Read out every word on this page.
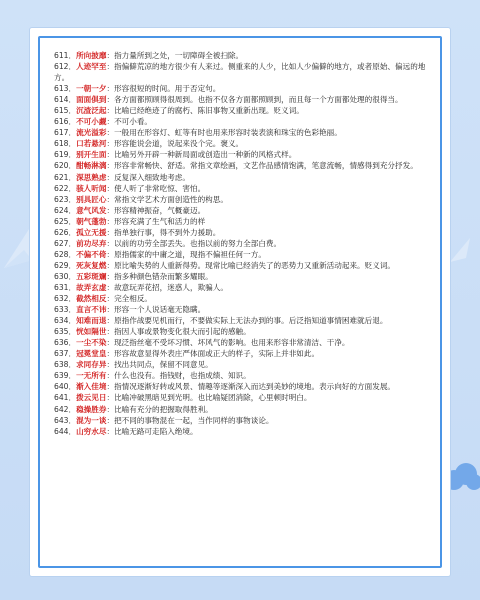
611．所向披靡：指力量所到之处，一切障碍全被扫除。

612．人迹罕至：指偏僻荒凉的地方很少有人来过。侧重来的人少，比如人少偏僻的地方，或者原始、偏远的地方。

613．一朝一夕：形容很短的时间。用于否定句。

614．面面俱到：各方面都照顾得很周到。也指不仅各方面都照顾到，而且每一个方面都处理的很得当。

615．沉渣泛起：比喻已经绝迹了的腐朽、陈旧事物又重新出现。贬义词。

616．不可小觑：不可小看。

617．流光溢彩：一般用在形容灯、虹等有时也用来形容时装表演和珠宝的色彩艳丽。

618．口若悬河：形容能说会道，说起来没个完。褒义。

619．别开生面：比喻另外开辟一种新局面或创造出一种新的风格式样。

620．酣畅淋漓：形容非常畅快、舒适。常指文章绘画，文艺作品感情饱满，笔意流畅，情感得到充分抒发。

621．深思熟虑：反复深入细致地考虑。

622．骇人听闻：使人听了非常吃惊、害怕。

623．别具匠心：常指文学艺术方面创造性的构思。

624．意气风发：形容精神振奋，气概豪迈。

625．朝气蓬勃：形容充满了生气和活力的样

626．孤立无援：指单独行事，得不到外力援助。

627．前功尽弃：以前的功劳全部丢失。也指以前的努力全部白费。

628．不偏不倚：原指儒家的中庸之道，现指不偏袒任何一方。

629．死灰复燃：原比喻失势的人重新得势。现常比喻已经消失了的恶势力又重新活动起来。贬义词。

630．五彩斑斓：指多种颜色错杂而繁多耀眼。

631．故弄玄虚：故意玩弄花招，迷惑人，欺骗人。

632．截然相反：完全相反。

633．直言不讳：形容一个人说话毫无隐瞒。

634．知难而退：原指作战要见机而行，不要做实际上无法办到的事。后泛指知道事情困难就后退。

635．恍如隔世：指因人事或景物变化很大而引起的感触。

636．一尘不染：现泛指丝毫不受坏习惯、坏风气的影响。也用来形容非常清洁、干净。

637．冠冕堂皇：形容故意显得外表庄严体面或正大的样子，实际上并非如此。

638．求同存异：找出共同点，保留不同意见。

639．一无所有：什么也没有。指钱财，也指成绩、知识。

640．渐入佳境：指情况逐渐好转或风景、情趣等逐渐深入而达到美妙的境地。表示向好的方面发展。

641．拨云见日：比喻冲破黑暗见到光明。也比喻疑团消除，心里顿时明白。

642．稳操胜券：比喻有充分的把握取得胜利。

643．混为一谈：把不同的事物混在一起，当作同样的事物谈论。

644．山穷水尽：比喻无路可走陷入绝境。
